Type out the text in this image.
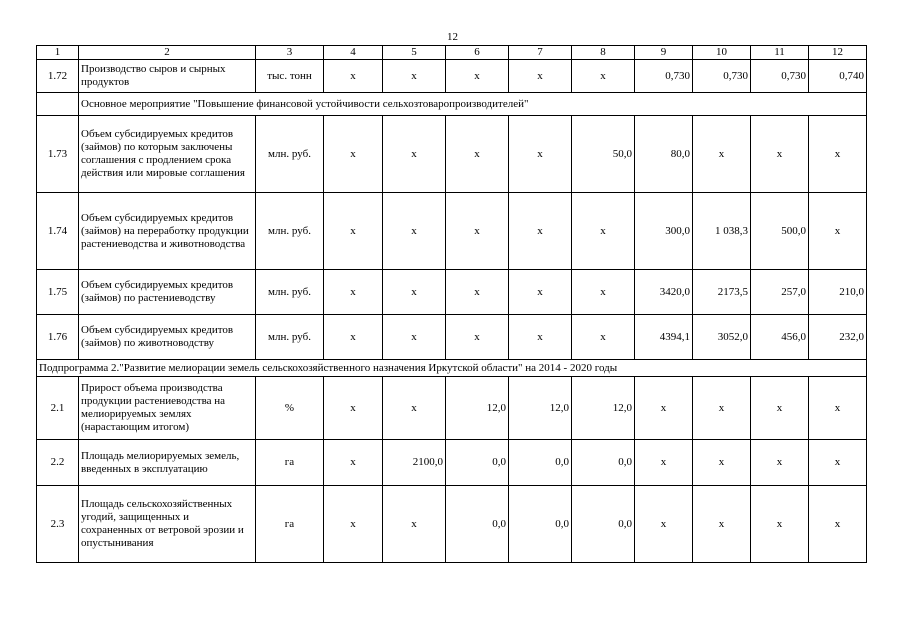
12
1	2	3	4	5	6	7	8	9	10	11	12
1.72	Производство сыров и сырных продуктов	тыс. тонн	х	х	х	х	х	0,730	0,730	0,730	0,740
	Основное мероприятие "Повышение финансовой устойчивости сельхозтоваропроизводителей"										
1.73	Объем субсидируемых кредитов (займов) по которым заключены соглашения с продлением срока действия или мировые соглашения	млн. руб.	х	х	х	х	50,0	80,0	х	х	х
1.74	Объем субсидируемых кредитов (займов) на переработку продукции растениеводства и животноводства	млн. руб.	х	х	х	х	х	300,0	1 038,3	500,0	х
1.75	Объем субсидируемых кредитов (займов) по растениеводству	млн. руб.	х	х	х	х	х	3420,0	2173,5	257,0	210,0
1.76	Объем субсидируемых кредитов (займов) по животноводству	млн. руб.	х	х	х	х	х	4394,1	3052,0	456,0	232,0
Подпрограмма 2."Развитие мелиорации земель сельскохозяйственного назначения Иркутской области" на 2014 - 2020 годы											
2.1	Прирост объема производства продукции растениеводства на мелиорируемых землях (нарастающим итогом)	%	х	х	12,0	12,0	12,0	х	х	х	х
2.2	Площадь мелиорируемых земель, введенных в эксплуатацию	га	х	2100,0	0,0	0,0	0,0	х	х	х	х
2.3	Площадь сельскохозяйственных угодий, защищенных и сохраненных от ветровой эрозии и опустынивания	га	х	х	0,0	0,0	0,0	х	х	х	х
